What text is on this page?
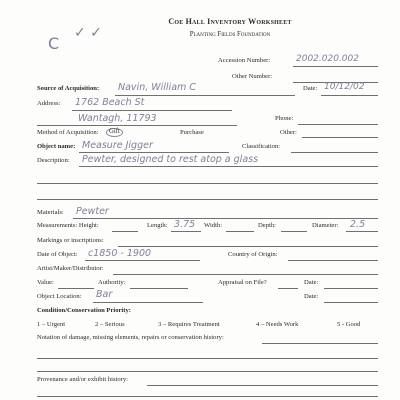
C
✓ ✓
Coe Hall Inventory Worksheet
Planting Fields Foundation
Accession Number:	2002.020.002
Other Number:
Source of Acquisition: Navin, William C	Date: 10/12/02
Address: 1762 Beach St
Wantagh, 11793	Phone:
Method of Acquisition:	Gift	Purchase	Other:
Object name: Measure Jigger	Classification:
Description: Pewter, designed to rest atop a glass
Materials: Pewter
Measurements: Height:	Length: 3.75 Width:	Depth:	Diameter: 2.5
Markings or inscriptions:
Date of Object: c1850 - 1900	Country of Origin:
Artist/Maker/Distributor:
Value:	Authority:	Appraisal on File?	Date:
Object Location: Bar	Date:
Condition/Conservation Priority:
1 – Urgent	2 – Serious	3 – Requires Treatment	4 – Needs Work	5 - Good
Notation of damage, missing elements, repairs or conservation history:
Provenance and/or exhibit history:
